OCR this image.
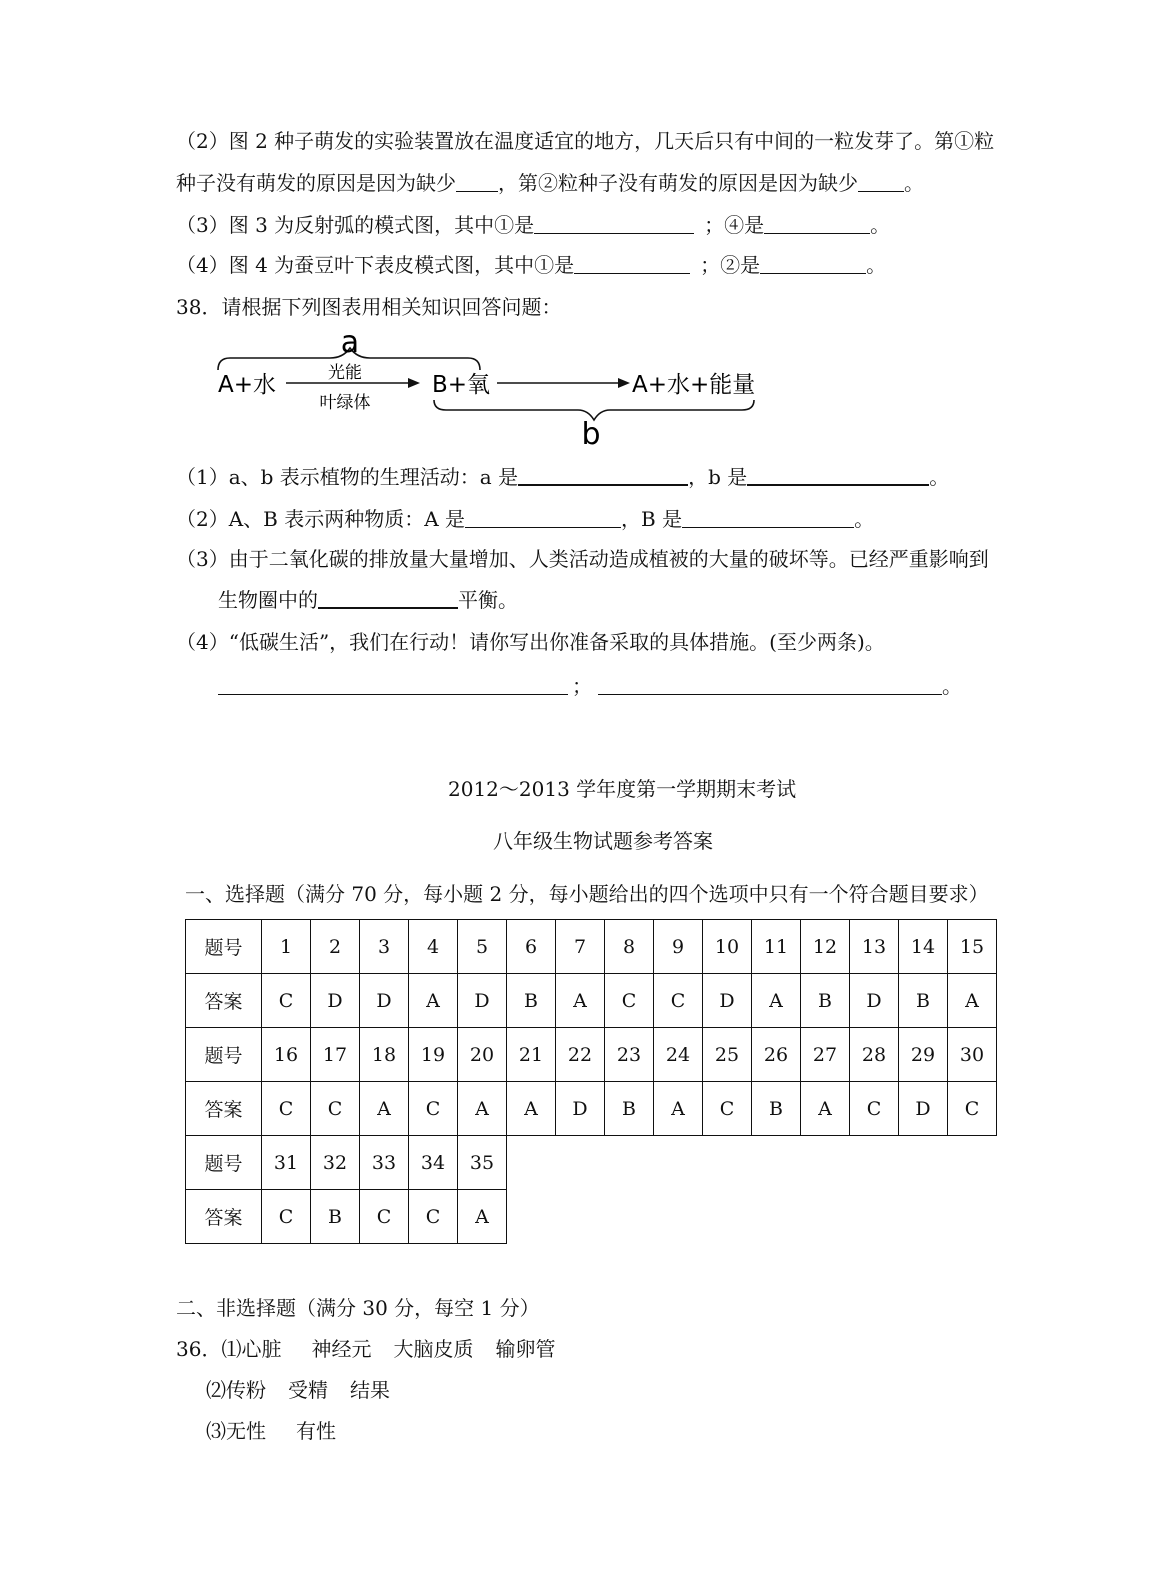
（2）图 2 种子萌发的实验装置放在温度适宜的地方，几天后只有中间的一粒发芽了。第①粒
种子没有萌发的原因是因为缺少 ，第②粒种子没有萌发的原因是因为缺少 。
（3）图 3 为反射弧的模式图，其中①是	；④是	。
（4）图 4 为蚕豆叶下表皮模式图，其中①是	；②是	。
38．请根据下列图表用相关知识回答问题：
a
A+水	光能
叶绿体
B+氧	A+水+能量
b
（1）a、b 表示植物的生理活动：a 是	，b 是	。
（2）A、B 表示两种物质：A 是	，B 是	。
（3）由于二氧化碳的排放量大量增加、人类活动造成植被的大量的破坏等。已经严重影响到
生物圈中的	平衡。
（4）“低碳生活”，我们在行动！请你写出你准备采取的具体措施。(至少两条)。
；	。
2012～2013 学年度第一学期期末考试
八年级生物试题参考答案
一、选择题（满分 70 分，每小题 2 分，每小题给出的四个选项中只有一个符合题目要求）
题号	1	2	3	4	5	6	7	8	9	10	11	12	13	14	15
答案	C	D	D	A	D	B	A	C	C	D	A	B	D	B	A
题号	16	17	18	19	20	21	22	23	24	25	26	27	28	29	30
答案	C	C	A	C	A	A	D	B	A	C	B	A	C	D	C
题号	31	32	33	34	35										
答案	C	B	C	C	A										
二、非选择题（满分 30 分，每空 1 分）
36．⑴心脏 神经元 大脑皮质 输卵管
⑵传粉 受精 结果
⑶无性 有性
